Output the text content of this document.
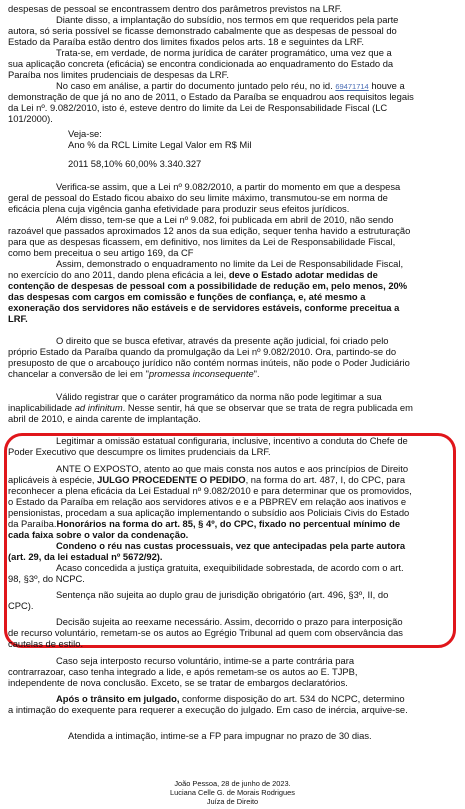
despesas de pessoal se encontrassem dentro dos parâmetros previstos na LRF.
Diante disso, a implantação do subsídio, nos termos em que requeridos pela parte
autora, só seria possível se ficasse demonstrado cabalmente que as despesas de pessoal do
Estado da Paraíba estão dentro dos limites fixados pelos arts. 18 e seguintes da LRF.
Trata-se, em verdade, de norma jurídica de caráter programático, uma vez que a
sua aplicação concreta (eficácia) se encontra condicionada ao enquadramento do Estado da
Paraíba nos limites prudenciais de despesas da LRF.
No caso em análise, a partir do documento juntado pelo réu, no id. 69471714 houve a
demonstração de que já no ano de 2011, o Estado da Paraíba se enquadrou aos requisitos legais
da Lei nº. 9.082/2010, isto é, esteve dentro do limite da Lei de Responsabilidade Fiscal (LC
101/2000).
Veja-se:
Ano % da RCL Limite Legal Valor em R$ Mil
2011 58,10% 60,00% 3.340.327
Verifica-se assim, que a Lei nº 9.082/2010, a partir do momento em que a despesa
geral de pessoal do Estado ficou abaixo do seu limite máximo, transmutou-se em norma de
eficácia plena cuja vigência ganha efetividade para produzir seus efeitos jurídicos.
Além disso, tem-se que a Lei nº 9.082, foi publicada em abril de 2010, não sendo
razoável que passados aproximados 12 anos da sua edição, sequer tenha havido a estruturação
para que as despesas ficassem, em definitivo, nos limites da Lei de Responsabilidade Fiscal,
como bem preceitua o seu artigo 169, da CF
Assim, demonstrado o enquadramento no limite da Lei de Responsabilidade Fiscal,
no exercício do ano 2011, dando plena eficácia a lei, deve o Estado adotar medidas de
contenção de despesas de pessoal com a possibilidade de redução em, pelo menos, 20%
das despesas com cargos em comissão e funções de confiança, e, até mesmo a
exoneração dos servidores não estáveis e de servidores estáveis, conforme preceitua a
LRF.
O direito que se busca efetivar, através da presente ação judicial, foi criado pelo
próprio Estado da Paraíba quando da promulgação da Lei nº 9.082/2010. Ora, partindo-se do
presuposto de que o arcabouço jurídico não contém normas inúteis, não pode o Poder Judiciário
chancelar a conversão de lei em "promessa inconsequente".
Válido registrar que o caráter programático da norma não pode legitimar a sua
inaplicabilidade ad infinitum. Nesse sentir, há que se observar que se trata de regra publicada em
abril de 2010, e ainda carente de implantação.
Legitimar a omissão estatual configuraria, inclusive, incentivo a conduta do Chefe de
Poder Executivo que descumpre os limites prudenciais da LRF.
ANTE O EXPOSTO, atento ao que mais consta nos autos e aos princípios de Direito
aplicáveis à espécie, JULGO PROCEDENTE O PEDIDO, na forma do art. 487, I, do CPC, para
reconhecer a plena eficácia da Lei Estadual nº 9.082/2010 e para determinar que os promovidos,
o Estado da Paraíba em relação aos servidores ativos e e a PBPREV em relação aos inativos e
pensionistas, procedam a sua aplicação implementando o subsídio aos Policiais Civis do Estado
da Paraíba.Honorários na forma do art. 85, § 4º, do CPC, fixado no percentual mínimo de
cada faixa sobre o valor da condenação.
Condeno o réu nas custas processuais, vez que antecipadas pela parte autora
(art. 29, da lei estadual nº 5672/92).
Acaso concedida a justiça gratuita, exequibilidade sobrestada, de acordo com o art.
98, §3º, do NCPC.
Sentença não sujeita ao duplo grau de jurisdição obrigatório (art. 496, §3º, II, do
CPC).
Decisão sujeita ao reexame necessário. Assim, decorrido o prazo para interposição
de recurso voluntário, remetam-se os autos ao Egrégio Tribunal ad quem com observância das
cautelas de estilo.
Caso seja interposto recurso voluntário, intime-se a parte contrária para
contrarrazoar, caso tenha integrado a lide, e após remetam-se os autos ao E. TJPB,
independente de nova conclusão. Exceto, se se tratar de embargos declaratórios.
Após o trânsito em julgado, conforme disposição do art. 534 do NCPC, determino
a intimação do exequente para requerer a execução do julgado. Em caso de inércia, arquive-se.
Atendida a intimação, intime-se a FP para impugnar no prazo de 30 dias.
João Pessoa, 28 de junho de 2023.
Luciana Celle G. de Morais Rodrigues
Juíza de Direito
